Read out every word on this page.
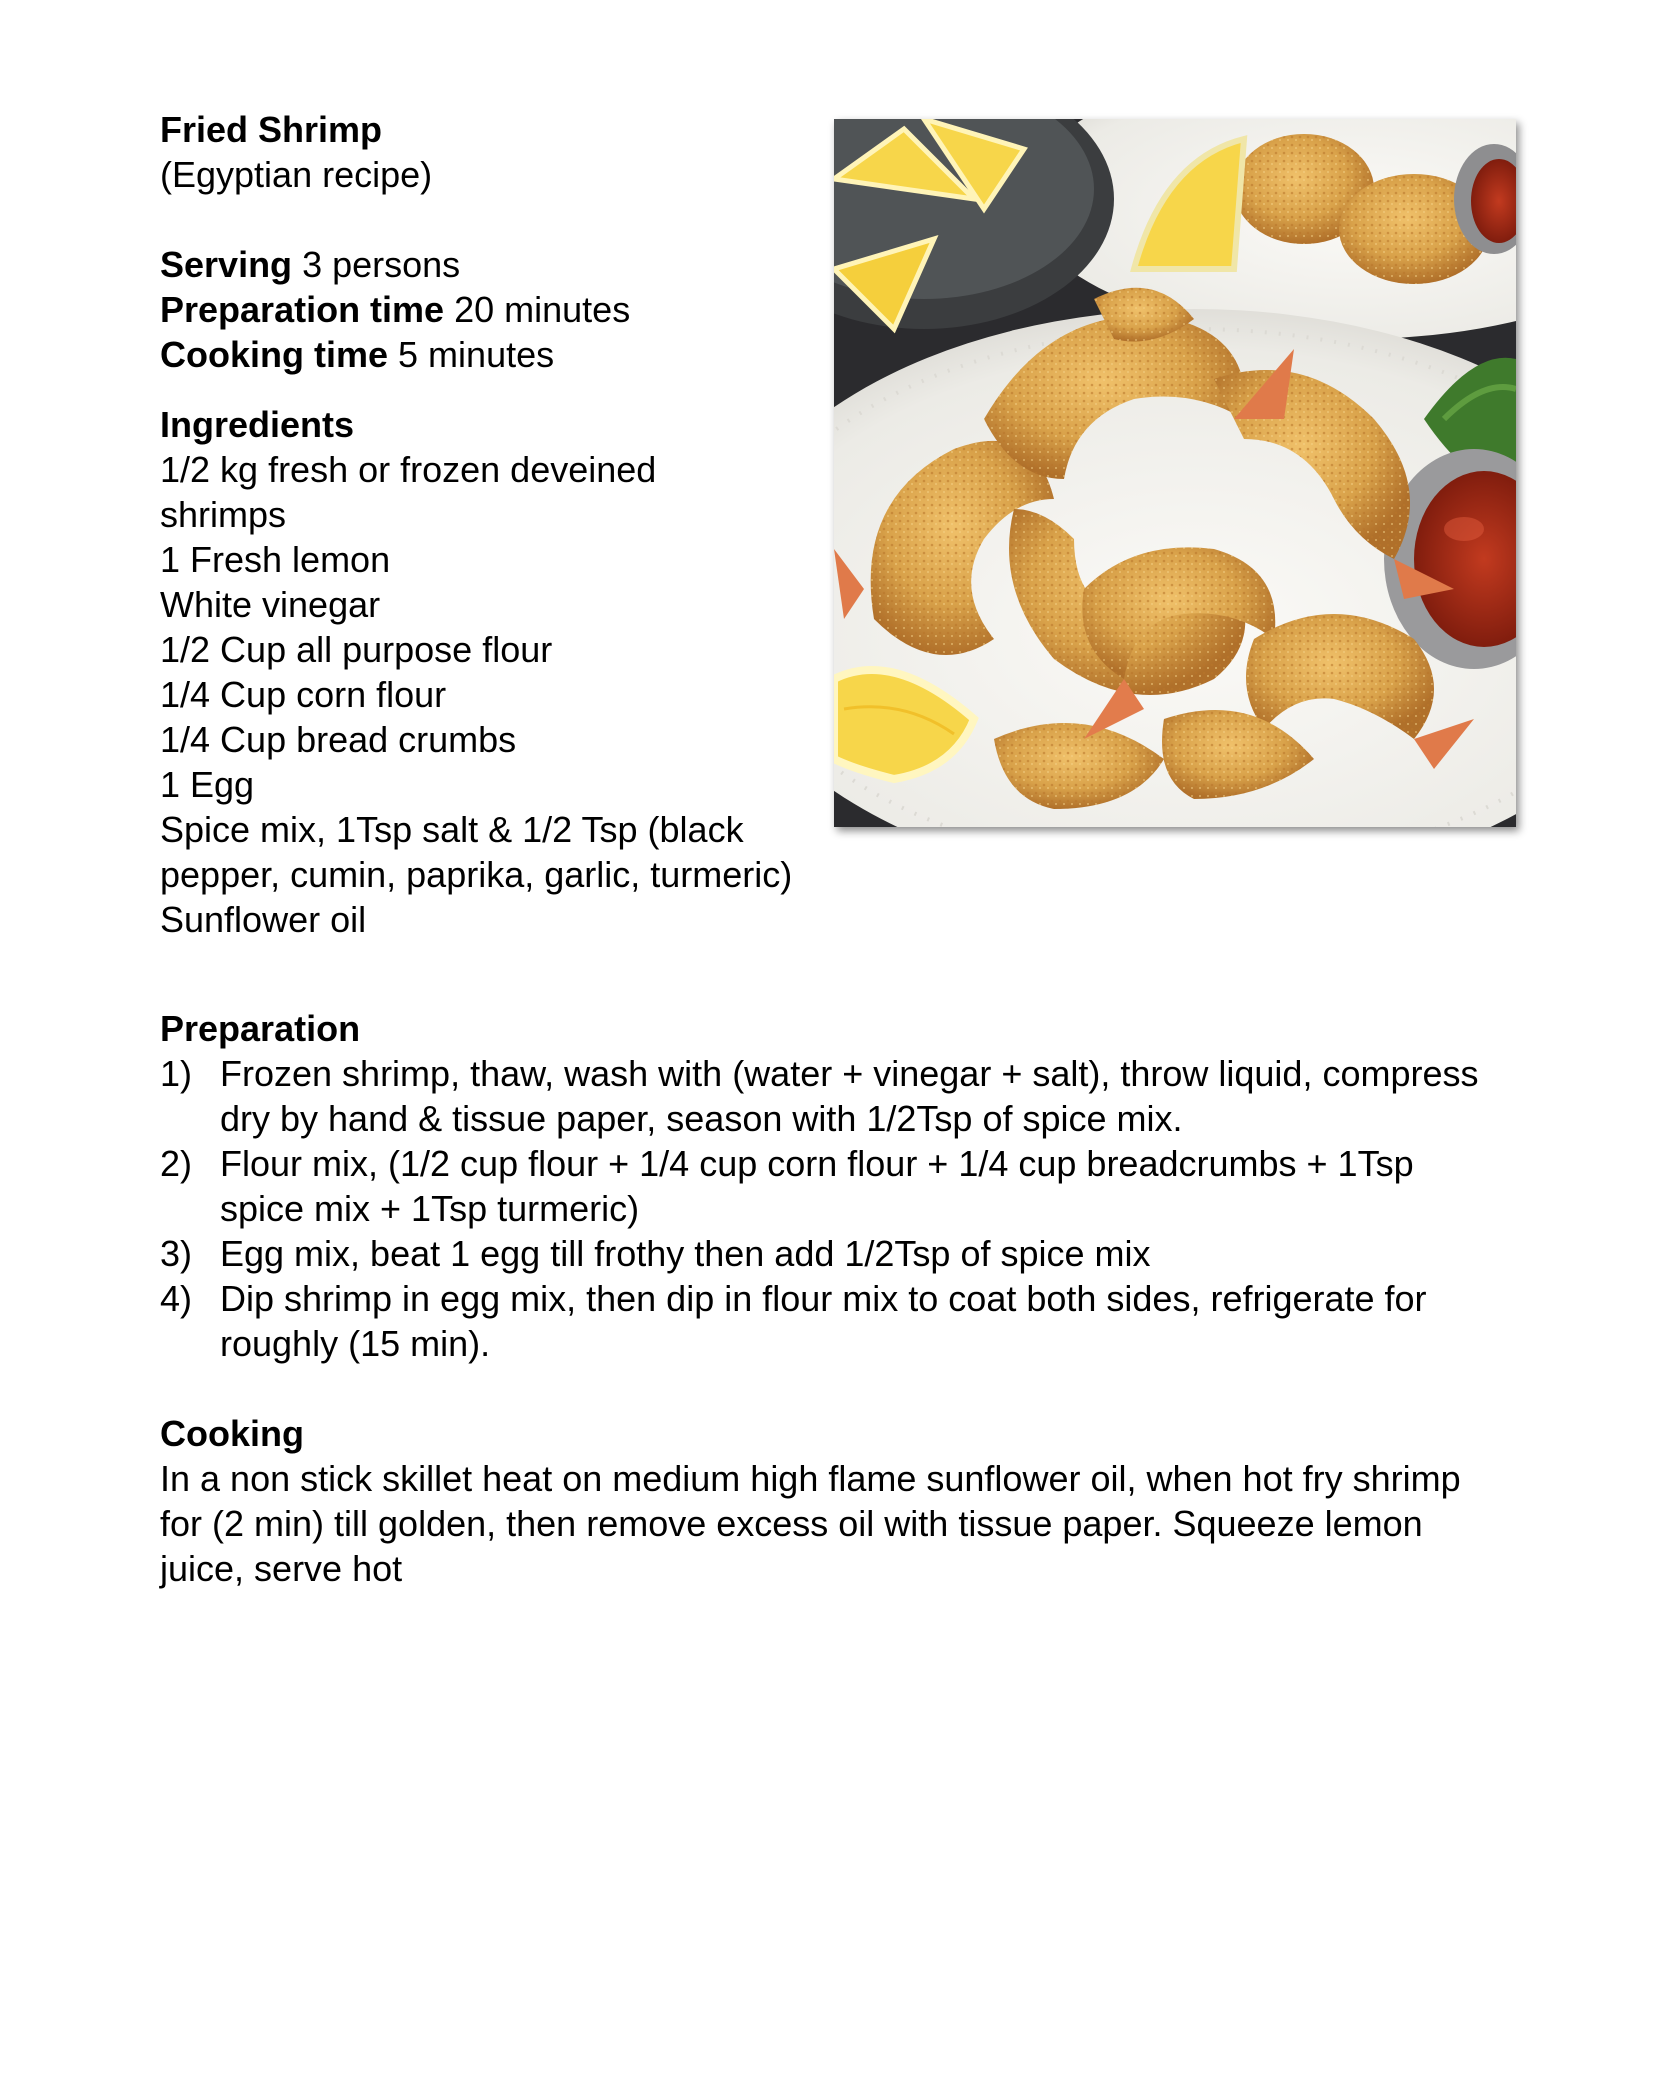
Fried Shrimp
(Egyptian recipe)
Serving 3 persons
Preparation time 20 minutes
Cooking time 5 minutes
Ingredients
1/2 kg fresh or frozen deveined
shrimps
1 Fresh lemon
White vinegar
1/2 Cup all purpose flour
1/4 Cup corn flour
1/4 Cup bread crumbs
1 Egg
Spice mix, 1Tsp salt & 1/2 Tsp (black
pepper, cumin, paprika, garlic, turmeric)
Sunflower oil
Preparation
1) Frozen shrimp, thaw, wash with (water + vinegar + salt), throw liquid, compress
dry by hand & tissue paper, season with 1/2Tsp of spice mix.
2) Flour mix, (1/2 cup flour + 1/4 cup corn flour + 1/4 cup breadcrumbs + 1Tsp
spice mix + 1Tsp turmeric)
3) Egg mix, beat 1 egg till frothy then add 1/2Tsp of spice mix
4) Dip shrimp in egg mix, then dip in flour mix to coat both sides, refrigerate for
roughly (15 min).
Cooking
In a non stick skillet heat on medium high flame sunflower oil, when hot fry shrimp
for (2 min) till golden, then remove excess oil with tissue paper. Squeeze lemon
juice, serve hot
